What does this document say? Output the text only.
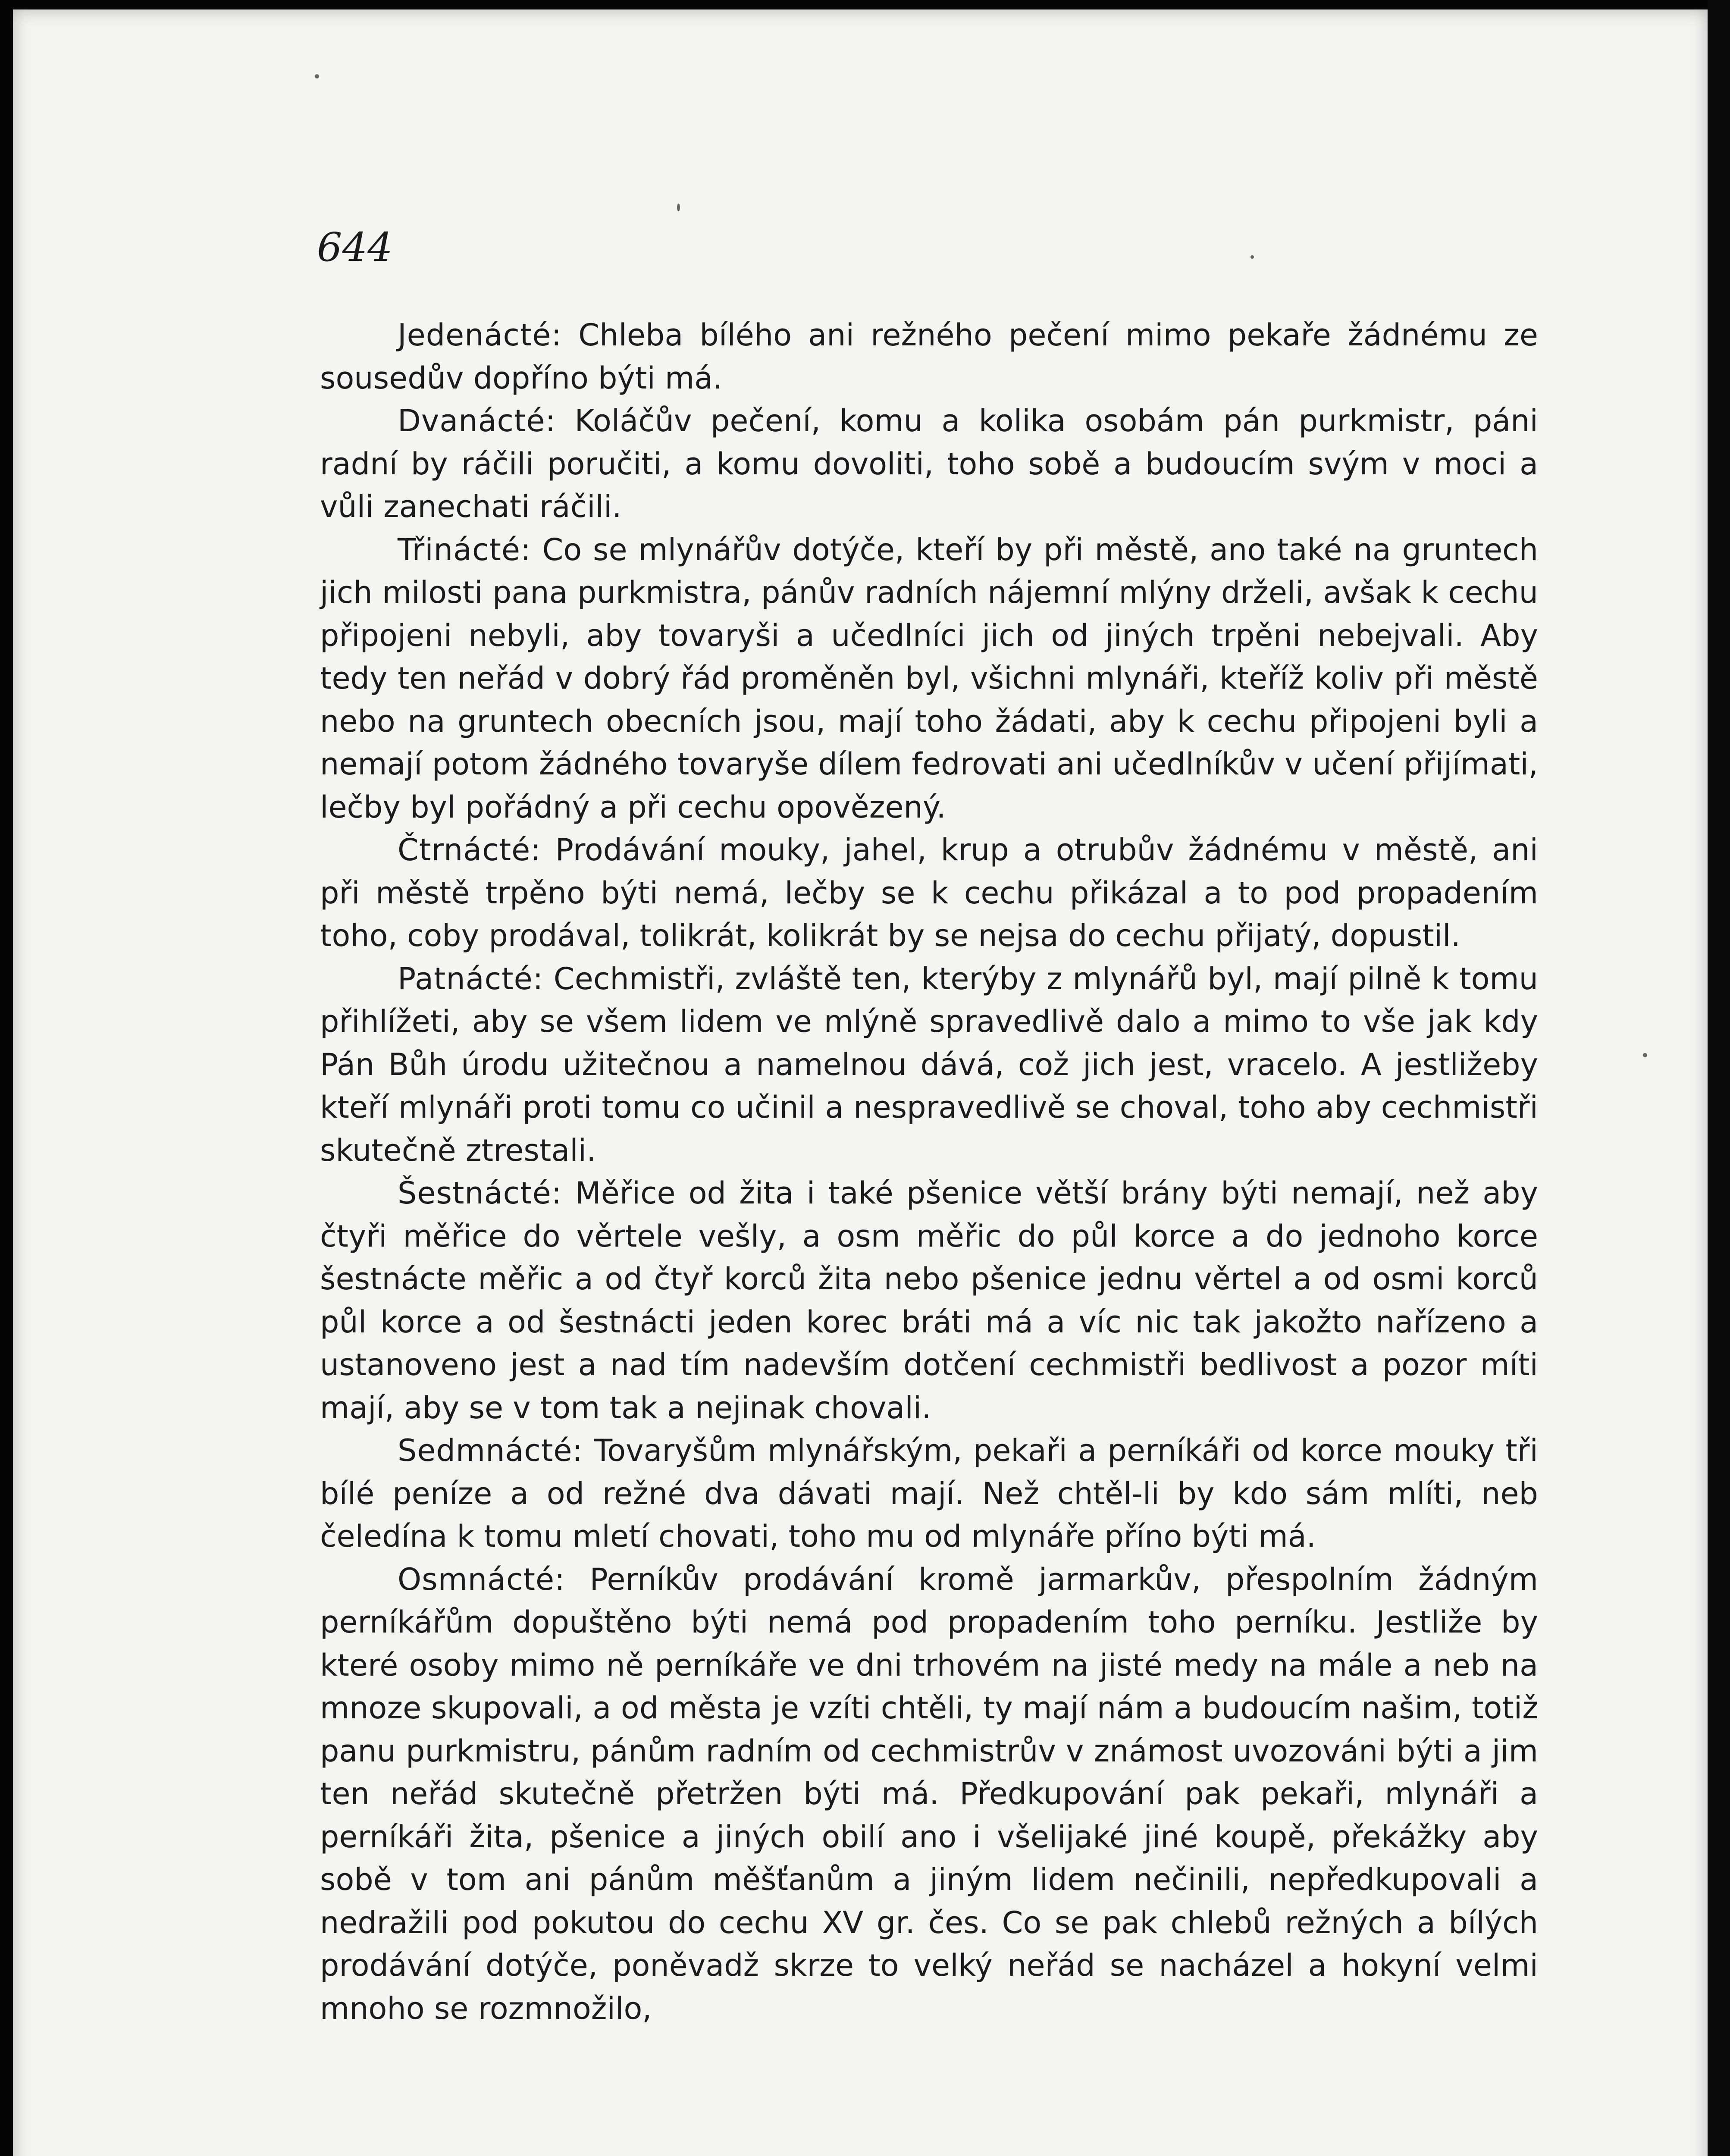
644

Jedenácté: Chleba bílého ani režného pečení mimo pekaře žádnému ze sousedův dopříno býti má.

Dvanácté: Koláčův pečení, komu a kolika osobám pán purkmistr, páni radní by ráčili poručiti, a komu dovoliti, toho sobě a budoucím svým v moci a vůli zanechati ráčili.

Třinácté: Co se mlynářův dotýče, kteří by při městě, ano také na gruntech jich milosti pana purkmistra, pánův radních nájemní mlýny drželi, avšak k cechu připojeni nebyli, aby tovaryši a učedlníci jich od jiných trpěni nebejvali. Aby tedy ten neřád v dobrý řád proměněn byl, všichni mlynáři, kteříž koliv při městě nebo na gruntech obecních jsou, mají toho žádati, aby k cechu připojeni byli a nemají potom žádného tovaryše dílem fedrovati ani učedlníkův v učení přijímati, lečby byl pořádný a při cechu opovězený.

Čtrnácté: Prodávání mouky, jahel, krup a otrubův žádnému v městě, ani při městě trpěno býti nemá, lečby se k cechu přikázal a to pod propadením toho, coby prodával, tolikrát, kolikrát by se nejsa do cechu přijatý, dopustil.

Patnácté: Cechmistři, zvláště ten, kterýby z mlynářů byl, mají pilně k tomu přihlížeti, aby se všem lidem ve mlýně spravedlivě dalo a mimo to vše jak kdy Pán Bůh úrodu užitečnou a namelnou dává, což jich jest, vracelo. A jestližeby kteří mlynáři proti tomu co učinil a nespravedlivě se choval, toho aby cechmistři skutečně ztrestali.

Šestnácté: Měřice od žita i také pšenice větší brány býti nemají, než aby čtyři měřice do věrtele vešly, a osm měřic do půl korce a do jednoho korce šestnácte měřic a od čtyř korců žita nebo pšenice jednu věrtel a od osmi korců půl korce a od šestnácti jeden korec bráti má a víc nic tak jakožto nařízeno a ustanoveno jest a nad tím nadevším dotčení cechmistři bedlivost a pozor míti mají, aby se v tom tak a nejinak chovali.

Sedmnácté: Tovaryšům mlynářským, pekaři a perníkáři od korce mouky tři bílé peníze a od režné dva dávati mají. Než chtěl-li by kdo sám mlíti, neb čeledína k tomu mletí chovati, toho mu od mlynáře příno býti má.

Osmnácté: Perníkův prodávání kromě jarmarkův, přespolním žádným perníkářům dopuštěno býti nemá pod propadením toho perníku. Jestliže by které osoby mimo ně perníkáře ve dni trhovém na jisté medy na mále a neb na mnoze skupovali, a od města je vzíti chtěli, ty mají nám a budoucím našim, totiž panu purkmistru, pánům radním od cechmistrův v známost uvozováni býti a jim ten neřád skutečně přetržen býti má. Předkupování pak pekaři, mlynáři a perníkáři žita, pšenice a jiných obilí ano i všelijaké jiné koupě, překážky aby sobě v tom ani pánům měšťanům a jiným lidem nečinili, nepředkupovali a nedražili pod pokutou do cechu XV gr. čes. Co se pak chlebů režných a bílých prodávání dotýče, poněvadž skrze to velký neřád se nacházel a hokyní velmi mnoho se rozmnožilo,
